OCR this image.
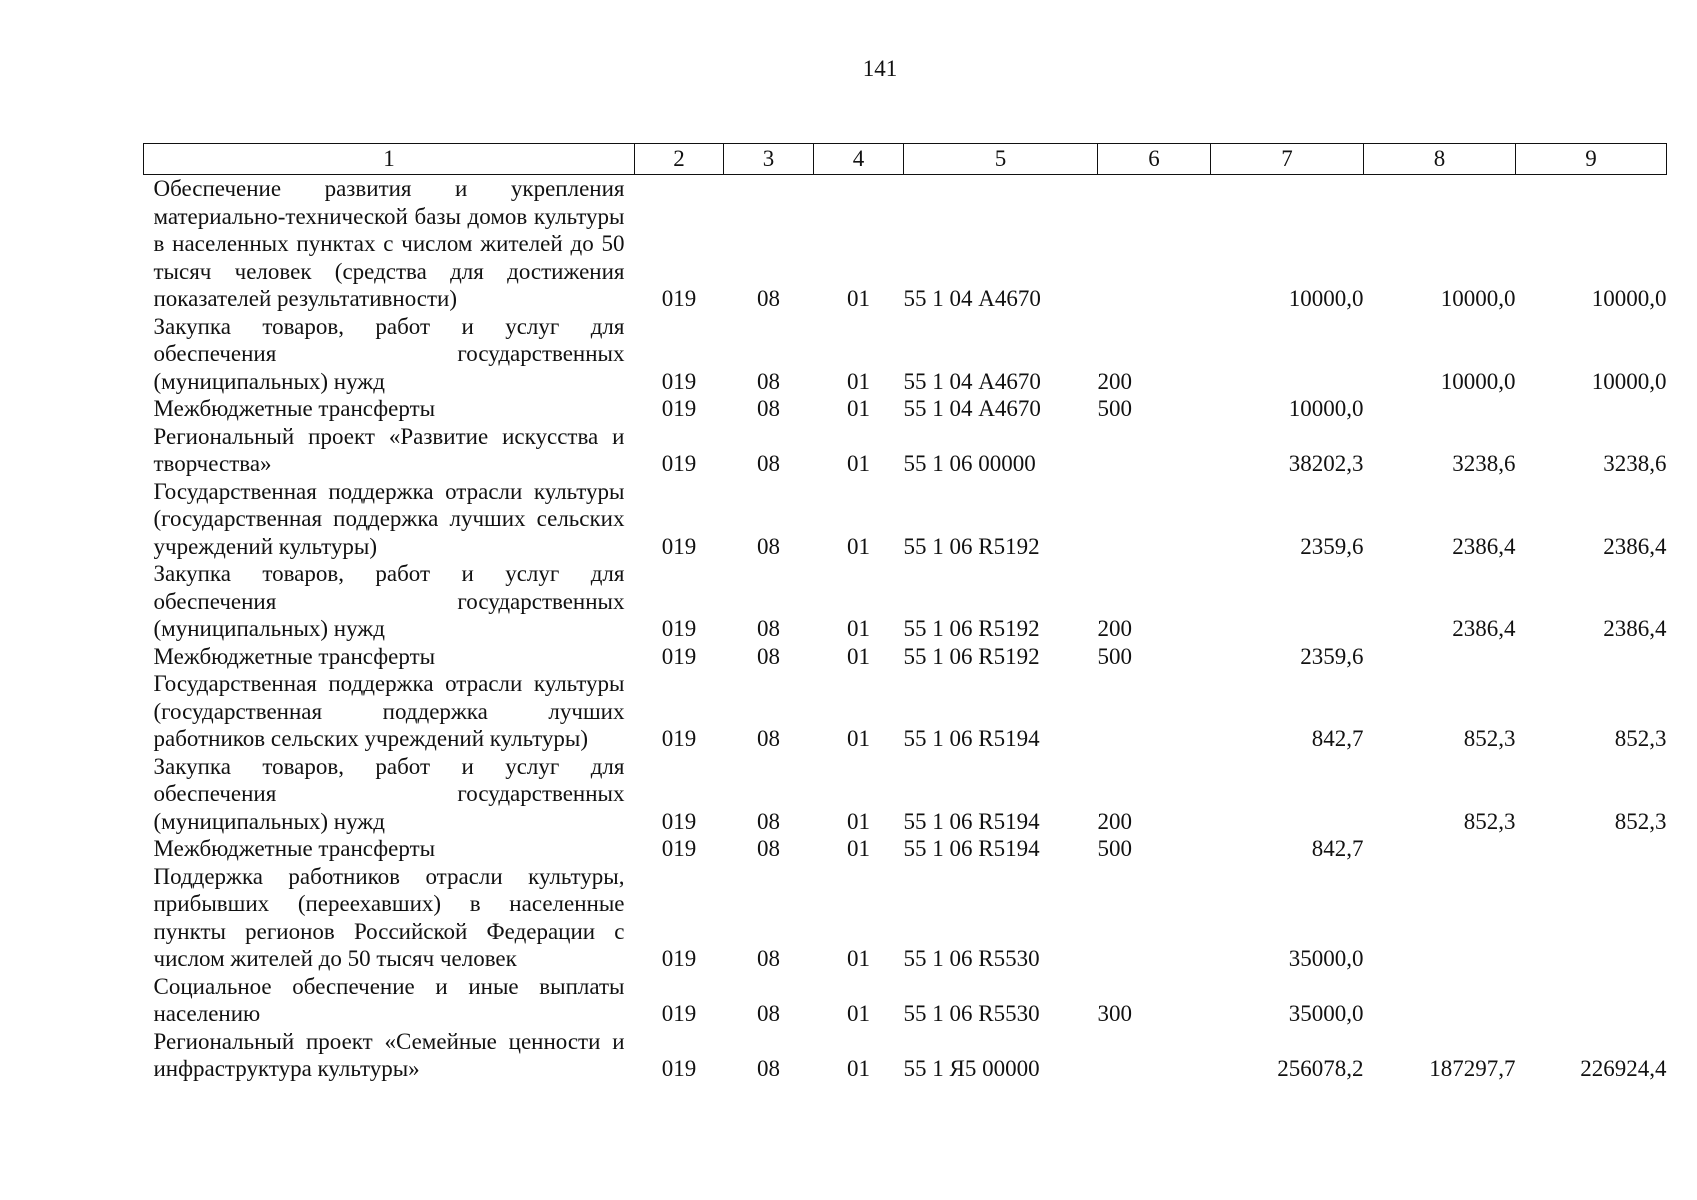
141
1	2	3	4	5	6	7	8	9
Обеспечение развития и укрепления материально-технической базы домов культуры в населенных пунктах с числом жителей до 50 тысяч человек (средства для достижения показателей результативности)	019	08	01	55 1 04 А4670		10000,0	10000,0	10000,0
Закупка товаров, работ и услуг для обеспечения государственных (муниципальных) нужд	019	08	01	55 1 04 А4670	200		10000,0	10000,0
Межбюджетные трансферты	019	08	01	55 1 04 А4670	500	10000,0		
Региональный проект «Развитие искусства и творчества»	019	08	01	55 1 06 00000		38202,3	3238,6	3238,6
Государственная поддержка отрасли культуры (государственная поддержка лучших сельских учреждений культуры)	019	08	01	55 1 06 R5192		2359,6	2386,4	2386,4
Закупка товаров, работ и услуг для обеспечения государственных (муниципальных) нужд	019	08	01	55 1 06 R5192	200		2386,4	2386,4
Межбюджетные трансферты	019	08	01	55 1 06 R5192	500	2359,6		
Государственная поддержка отрасли культуры (государственная поддержка лучших работников сельских учреждений культуры)	019	08	01	55 1 06 R5194		842,7	852,3	852,3
Закупка товаров, работ и услуг для обеспечения государственных (муниципальных) нужд	019	08	01	55 1 06 R5194	200		852,3	852,3
Межбюджетные трансферты	019	08	01	55 1 06 R5194	500	842,7		
Поддержка работников отрасли культуры, прибывших (переехавших) в населенные пункты регионов Российской Федерации с числом жителей до 50 тысяч человек	019	08	01	55 1 06 R5530		35000,0		
Социальное обеспечение и иные выплаты населению	019	08	01	55 1 06 R5530	300	35000,0		
Региональный проект «Семейные ценности и инфраструктура культуры»	019	08	01	55 1 Я5 00000		256078,2	187297,7	226924,4
